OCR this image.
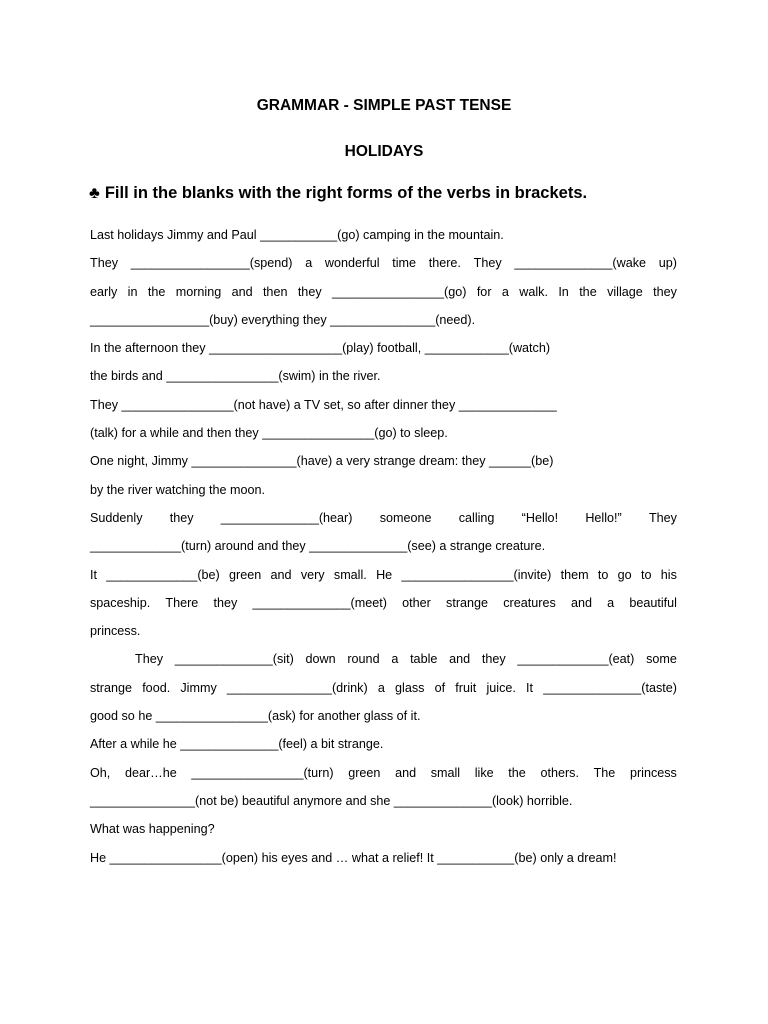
GRAMMAR - SIMPLE PAST TENSE
HOLIDAYS

♣ Fill in the blanks with the right forms of the verbs in brackets.

Last holidays Jimmy and Paul ___________(go) camping in the mountain.
They _________________(spend) a wonderful time there. They ______________(wake up)
early in the morning and then they ________________(go) for a walk. In the village they
_________________(buy) everything they _______________(need).
In the afternoon they ___________________(play) football, ____________(watch)
the birds and ________________(swim) in the river.
They ________________(not have) a TV set, so after dinner they ______________
(talk) for a while and then they ________________(go) to sleep.
One night, Jimmy _______________(have) a very strange dream: they ______(be)
by the river watching the moon.
Suddenly they ______________(hear) someone calling “Hello! Hello!” They
_____________(turn) around and they ______________(see) a strange creature.
It _____________(be) green and very small. He ________________(invite) them to go to his
spaceship. There they ______________(meet) other strange creatures and a beautiful
princess.
They ______________(sit) down round a table and they _____________(eat) some
strange food. Jimmy _______________(drink) a glass of fruit juice. It ______________(taste)
good so he ________________(ask) for another glass of it.
After a while he ______________(feel) a bit strange.
Oh, dear…he ________________(turn) green and small like the others. The princess
_______________(not be) beautiful anymore and she ______________(look) horrible.
What was happening?
He ________________(open) his eyes and … what a relief! It ___________(be) only a dream!
